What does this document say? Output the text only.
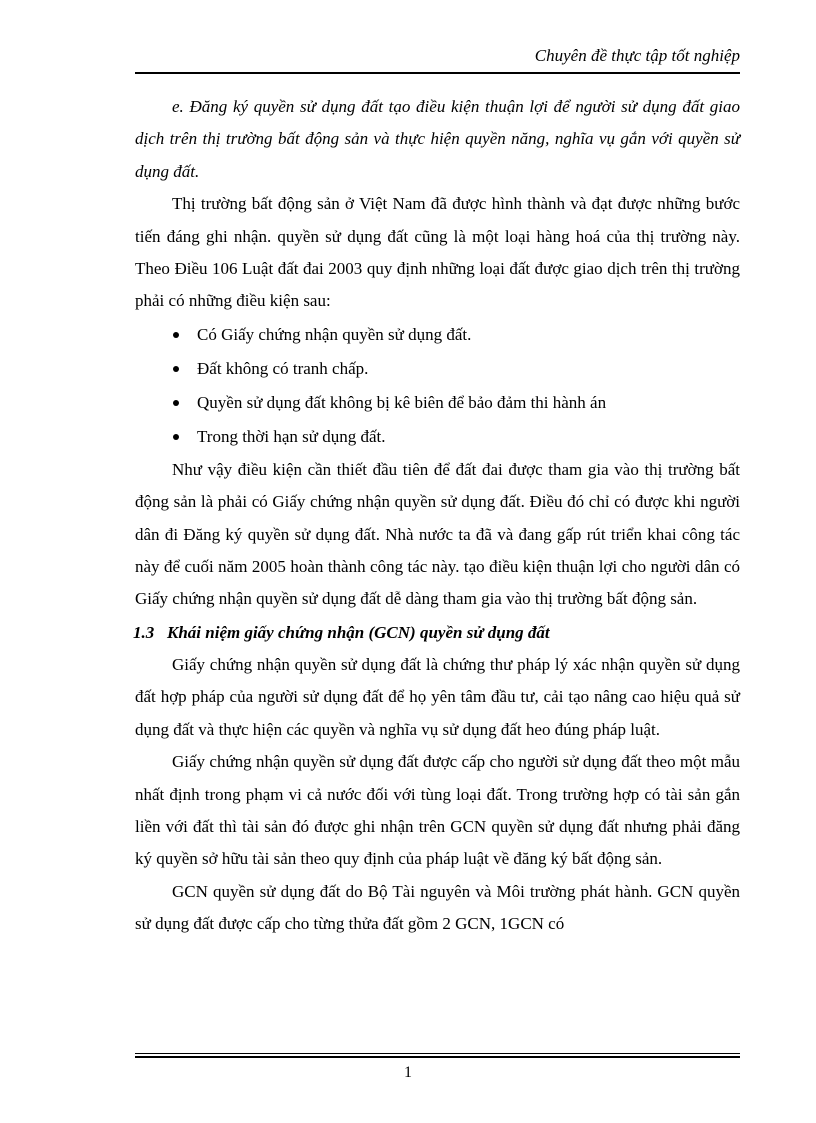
Chuyên đề thực tập tốt nghiệp

e. Đăng ký quyền sử dụng đất tạo điều kiện thuận lợi để người sử dụng đất giao dịch trên thị trường bất động sản và thực hiện quyền năng, nghĩa vụ gắn với quyền sử dụng đất.

Thị trường bất động sản ở Việt Nam đã được hình thành và đạt được những bước tiến đáng ghi nhận. quyền sử dụng đất cũng là một loại hàng hoá của thị trường này. Theo Điều 106 Luật đất đai 2003 quy định những loại đất được giao dịch trên thị trường phải có những điều kiện sau:

Có Giấy chứng nhận quyền sử dụng đất.
Đất không có tranh chấp.
Quyền sử dụng đất không bị kê biên để bảo đảm thi hành án
Trong thời hạn sử dụng đất.

Như vậy điều kiện cần thiết đầu tiên để đất đai được tham gia vào thị trường bất động sản là phải có Giấy chứng nhận quyền sử dụng đất. Điều đó chỉ có được khi người dân đi Đăng ký quyền sử dụng đất. Nhà nước ta đã và đang gấp rút triển khai công tác này để cuối năm 2005 hoàn thành công tác này. tạo điều kiện thuận lợi cho người dân có Giấy chứng nhận quyền sử dụng đất dễ dàng tham gia vào thị trường bất động sản.

1.3 Khái niệm giấy chứng nhận (GCN) quyền sử dụng đất

Giấy chứng nhận quyền sử dụng đất là chứng thư pháp lý xác nhận quyền sử dụng đất hợp pháp của người sử dụng đất để họ yên tâm đầu tư, cải tạo nâng cao hiệu quả sử dụng đất và thực hiện các quyền và nghĩa vụ sử dụng đất heo đúng pháp luật.

Giấy chứng nhận quyền sử dụng đất được cấp cho người sử dụng đất theo một mẫu nhất định trong phạm vi cả nước đối với tùng loại đất. Trong trường hợp có tài sản gắn liền với đất thì tài sản đó được ghi nhận trên GCN quyền sử dụng đất nhưng phải đăng ký quyền sở hữu tài sản theo quy định của pháp luật về đăng ký bất động sản.

GCN quyền sử dụng đất do Bộ Tài nguyên và Môi trường phát hành. GCN quyền sử dụng đất được cấp cho từng thửa đất gồm 2 GCN, 1GCN có

1
